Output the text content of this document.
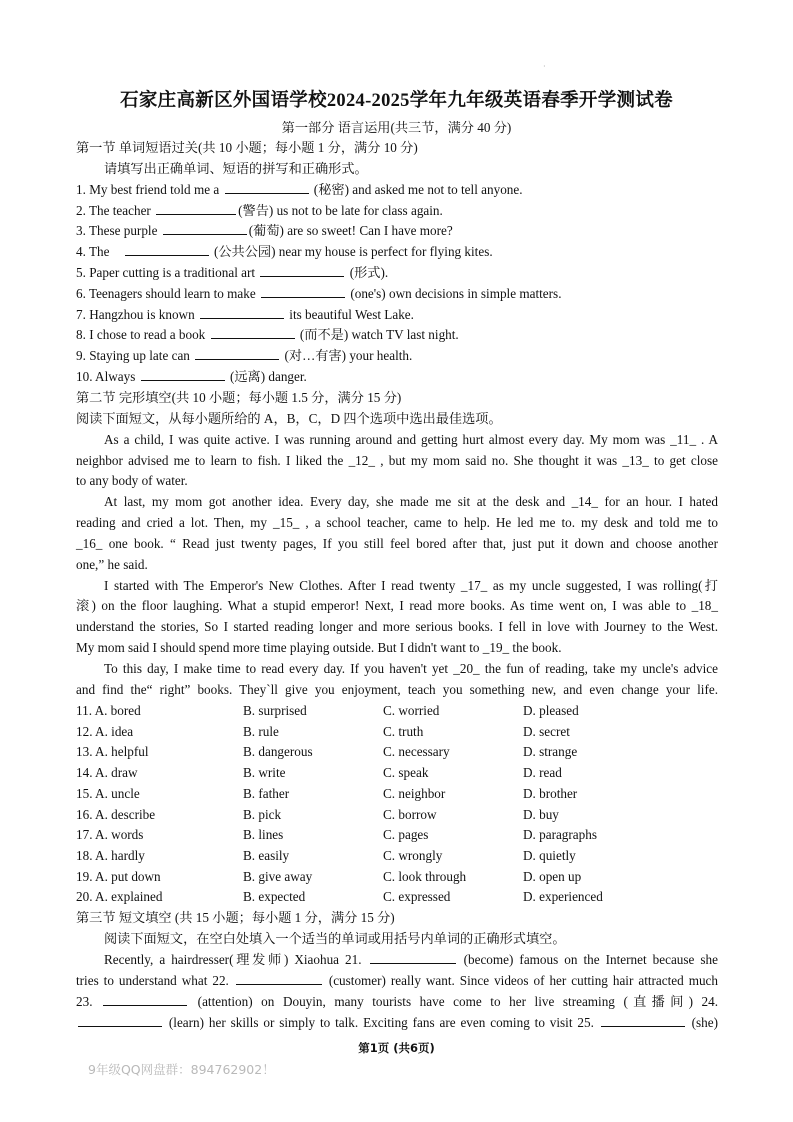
·
石家庄高新区外国语学校2024-2025学年九年级英语春季开学测试卷
第一部分 语言运用(共三节，满分 40 分)
第一节 单词短语过关(共 10 小题；每小题 1 分，满分 10 分)
请填写出正确单词、短语的拼写和正确形式。
1. My best friend told me a	(秘密) and asked me not to tell anyone.
2. The teacher	(警告) us not to be late for class again.
3. These purple	(葡萄) are so sweet! Can I have more?
4. The	(公共公园) near my house is perfect for flying kites.
5. Paper cutting is a traditional art	(形式).
6. Teenagers should learn to make	(one's) own decisions in simple matters.
7. Hangzhou is known	its beautiful West Lake.
8. I chose to read a book	(而不是) watch TV last night.
9. Staying up late can	(对…有害) your health.
10. Always	(远离) danger.
第二节 完形填空(共 10 小题；每小题 1.5 分，满分 15 分)
阅读下面短文，从每小题所给的 A，B，C，D 四个选项中选出最佳选项。
As a child, I was quite active. I was running around and getting hurt almost every day. My mom was _11_ . A
neighbor advised me to learn to fish. I liked the _12_ , but my mom said no. She thought it was _13_ to get close
to any body of water.
At last, my mom got another idea. Every day, she made me sit at the desk and _14_ for an hour. I hated
reading and cried a lot. Then, my _15_ , a school teacher, came to help. He led me to. my desk and told me to
_16_ one book. “ Read just twenty pages, If you still feel bored after that, just put it down and choose another
one,” he said.
I started with The Emperor's New Clothes. After I read twenty _17_ as my uncle suggested, I was rolling(打
滚) on the floor laughing. What a stupid emperor! Next, I read more books. As time went on, I was able to _18_
understand the stories, So I started reading longer and more serious books. I fell in love with Journey to the West.
My mom said I should spend more time playing outside. But I didn't want to _19_ the book.
To this day, I make time to read every day. If you haven't yet _20_ the fun of reading, take my uncle's advice
and find the“ right” books. They`ll give you enjoyment, teach you something new, and even change your life.
11. A. bored	B. surprised	C. worried	D. pleased
12. A. idea	B. rule	C. truth	D. secret
13. A. helpful	B. dangerous	C. necessary	D. strange
14. A. draw	B. write	C. speak	D. read
15. A. uncle	B. father	C. neighbor	D. brother
16. A. describe	B. pick	C. borrow	D. buy
17. A. words	B. lines	C. pages	D. paragraphs
18. A. hardly	B. easily	C. wrongly	D. quietly
19. A. put down	B. give away	C. look through	D. open up
20. A. explained	B. expected	C. expressed	D. experienced
第三节 短文填空 (共 15 小题；每小题 1 分，满分 15 分)
阅读下面短文，在空白处填入一个适当的单词或用括号内单词的正确形式填空。
Recently, a hairdresser(理发师) Xiaohua 21.	(become) famous on the Internet because she
tries to understand what 22.	(customer) really want. Since videos of her cutting hair attracted much
23.	(attention) on Douyin, many tourists have come to her live streaming (直播间) 24.
(learn) her skills or simply to talk. Exciting fans are even coming to visit 25.	(she)
第1页 (共6页)
9年级QQ网盘群：894762902！
